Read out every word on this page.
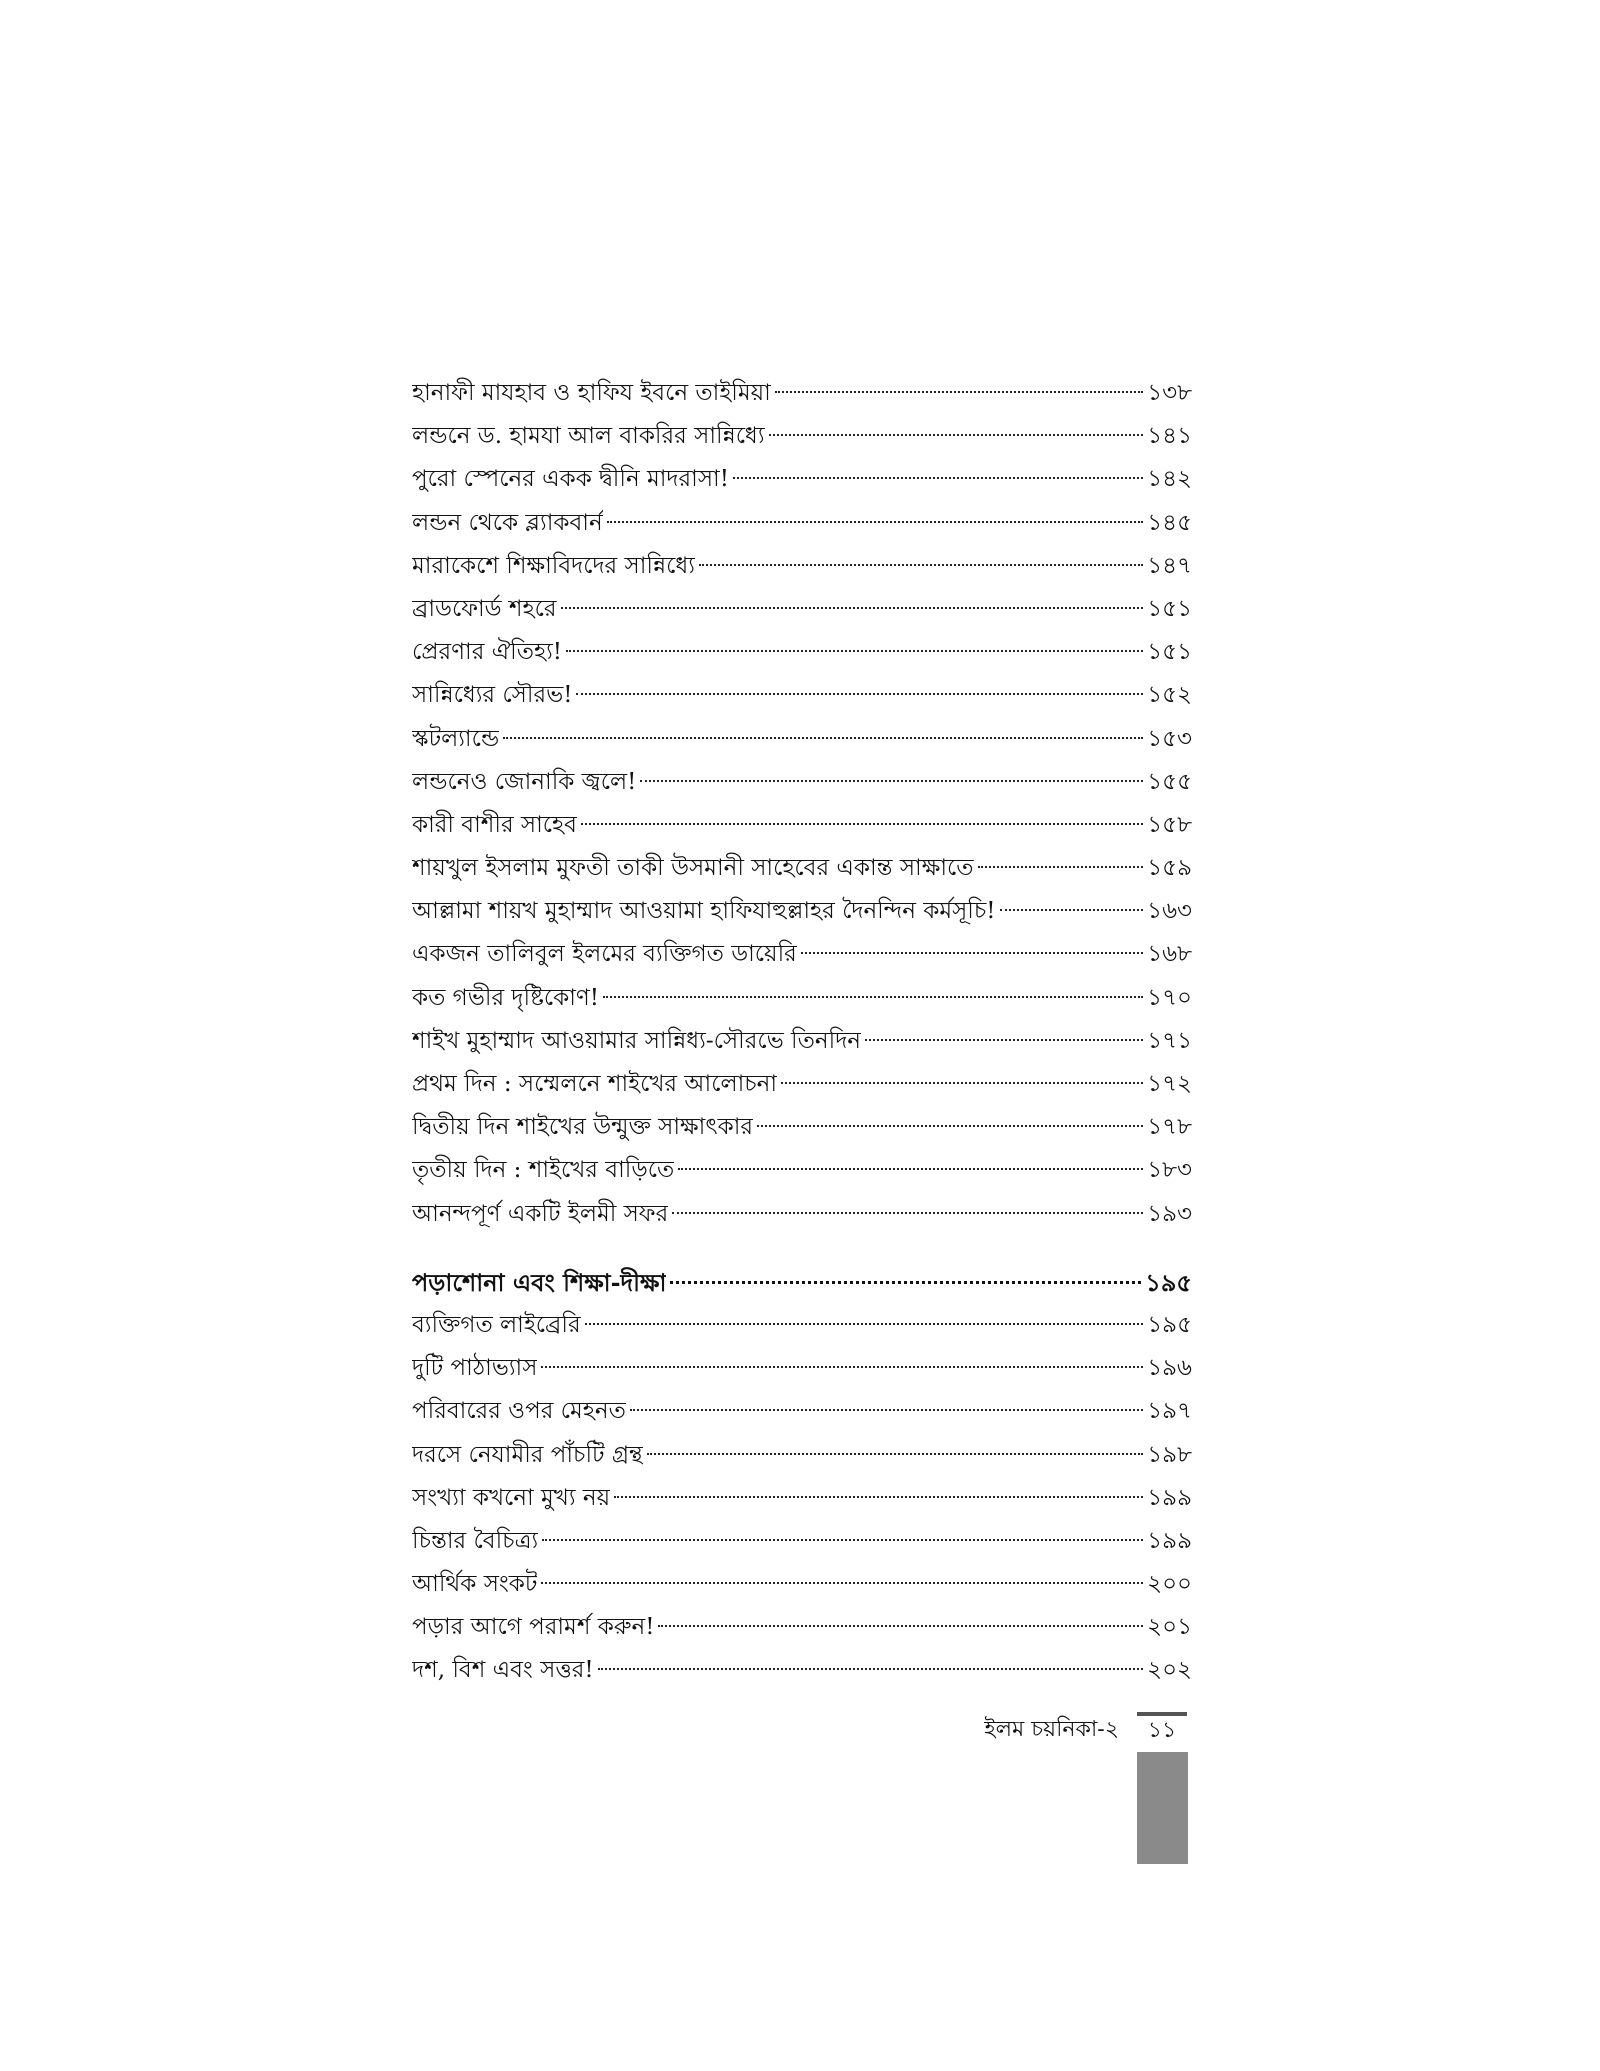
হানাফী মাযহাব ও হাফিয ইবনে তাইমিয়া	১৩৮
লন্ডনে ড. হামযা আল বাকরির সান্নিধ্যে	১৪১
পুরো স্পেনের একক দ্বীনি মাদরাসা!	১৪২
লন্ডন থেকে ব্ল্যাকবার্ন	১৪৫
মারাকেশে শিক্ষাবিদদের সান্নিধ্যে	১৪৭
ব্রাডফোর্ড শহরে	১৫১
প্রেরণার ঐতিহ্য!	১৫১
সান্নিধ্যের সৌরভ!	১৫২
স্কটল্যান্ডে	১৫৩
লন্ডনেও জোনাকি জ্বলে!	১৫৫
কারী বাশীর সাহেব	১৫৮
শায়খুল ইসলাম মুফতী তাকী উসমানী সাহেবের একান্ত সাক্ষাতে	১৫৯
আল্লামা শায়খ মুহাম্মাদ আওয়ামা হাফিযাহুল্লাহর দৈনন্দিন কর্মসূচি!	১৬৩
একজন তালিবুল ইলমের ব্যক্তিগত ডায়েরি	১৬৮
কত গভীর দৃষ্টিকোণ!	১৭০
শাইখ মুহাম্মাদ আওয়ামার সান্নিধ্য-সৌরভে তিনদিন	১৭১
প্রথম দিন : সম্মেলনে শাইখের আলোচনা	১৭২
দ্বিতীয় দিন শাইখের উন্মুক্ত সাক্ষাৎকার	১৭৮
তৃতীয় দিন : শাইখের বাড়িতে	১৮৩
আনন্দপূর্ণ একটি ইলমী সফর	১৯৩
পড়াশোনা এবং শিক্ষা-দীক্ষা	১৯৫
ব্যক্তিগত লাইব্রেরি	১৯৫
দুটি পাঠাভ্যাস	১৯৬
পরিবারের ওপর মেহনত	১৯৭
দরসে নেযামীর পাঁচটি গ্রন্থ	১৯৮
সংখ্যা কখনো মুখ্য নয়	১৯৯
চিন্তার বৈচিত্র্য	১৯৯
আর্থিক সংকট	২০০
পড়ার আগে পরামর্শ করুন!	২০১
দশ, বিশ এবং সত্তর!	২০২
ইলম চয়নিকা-২	১১
